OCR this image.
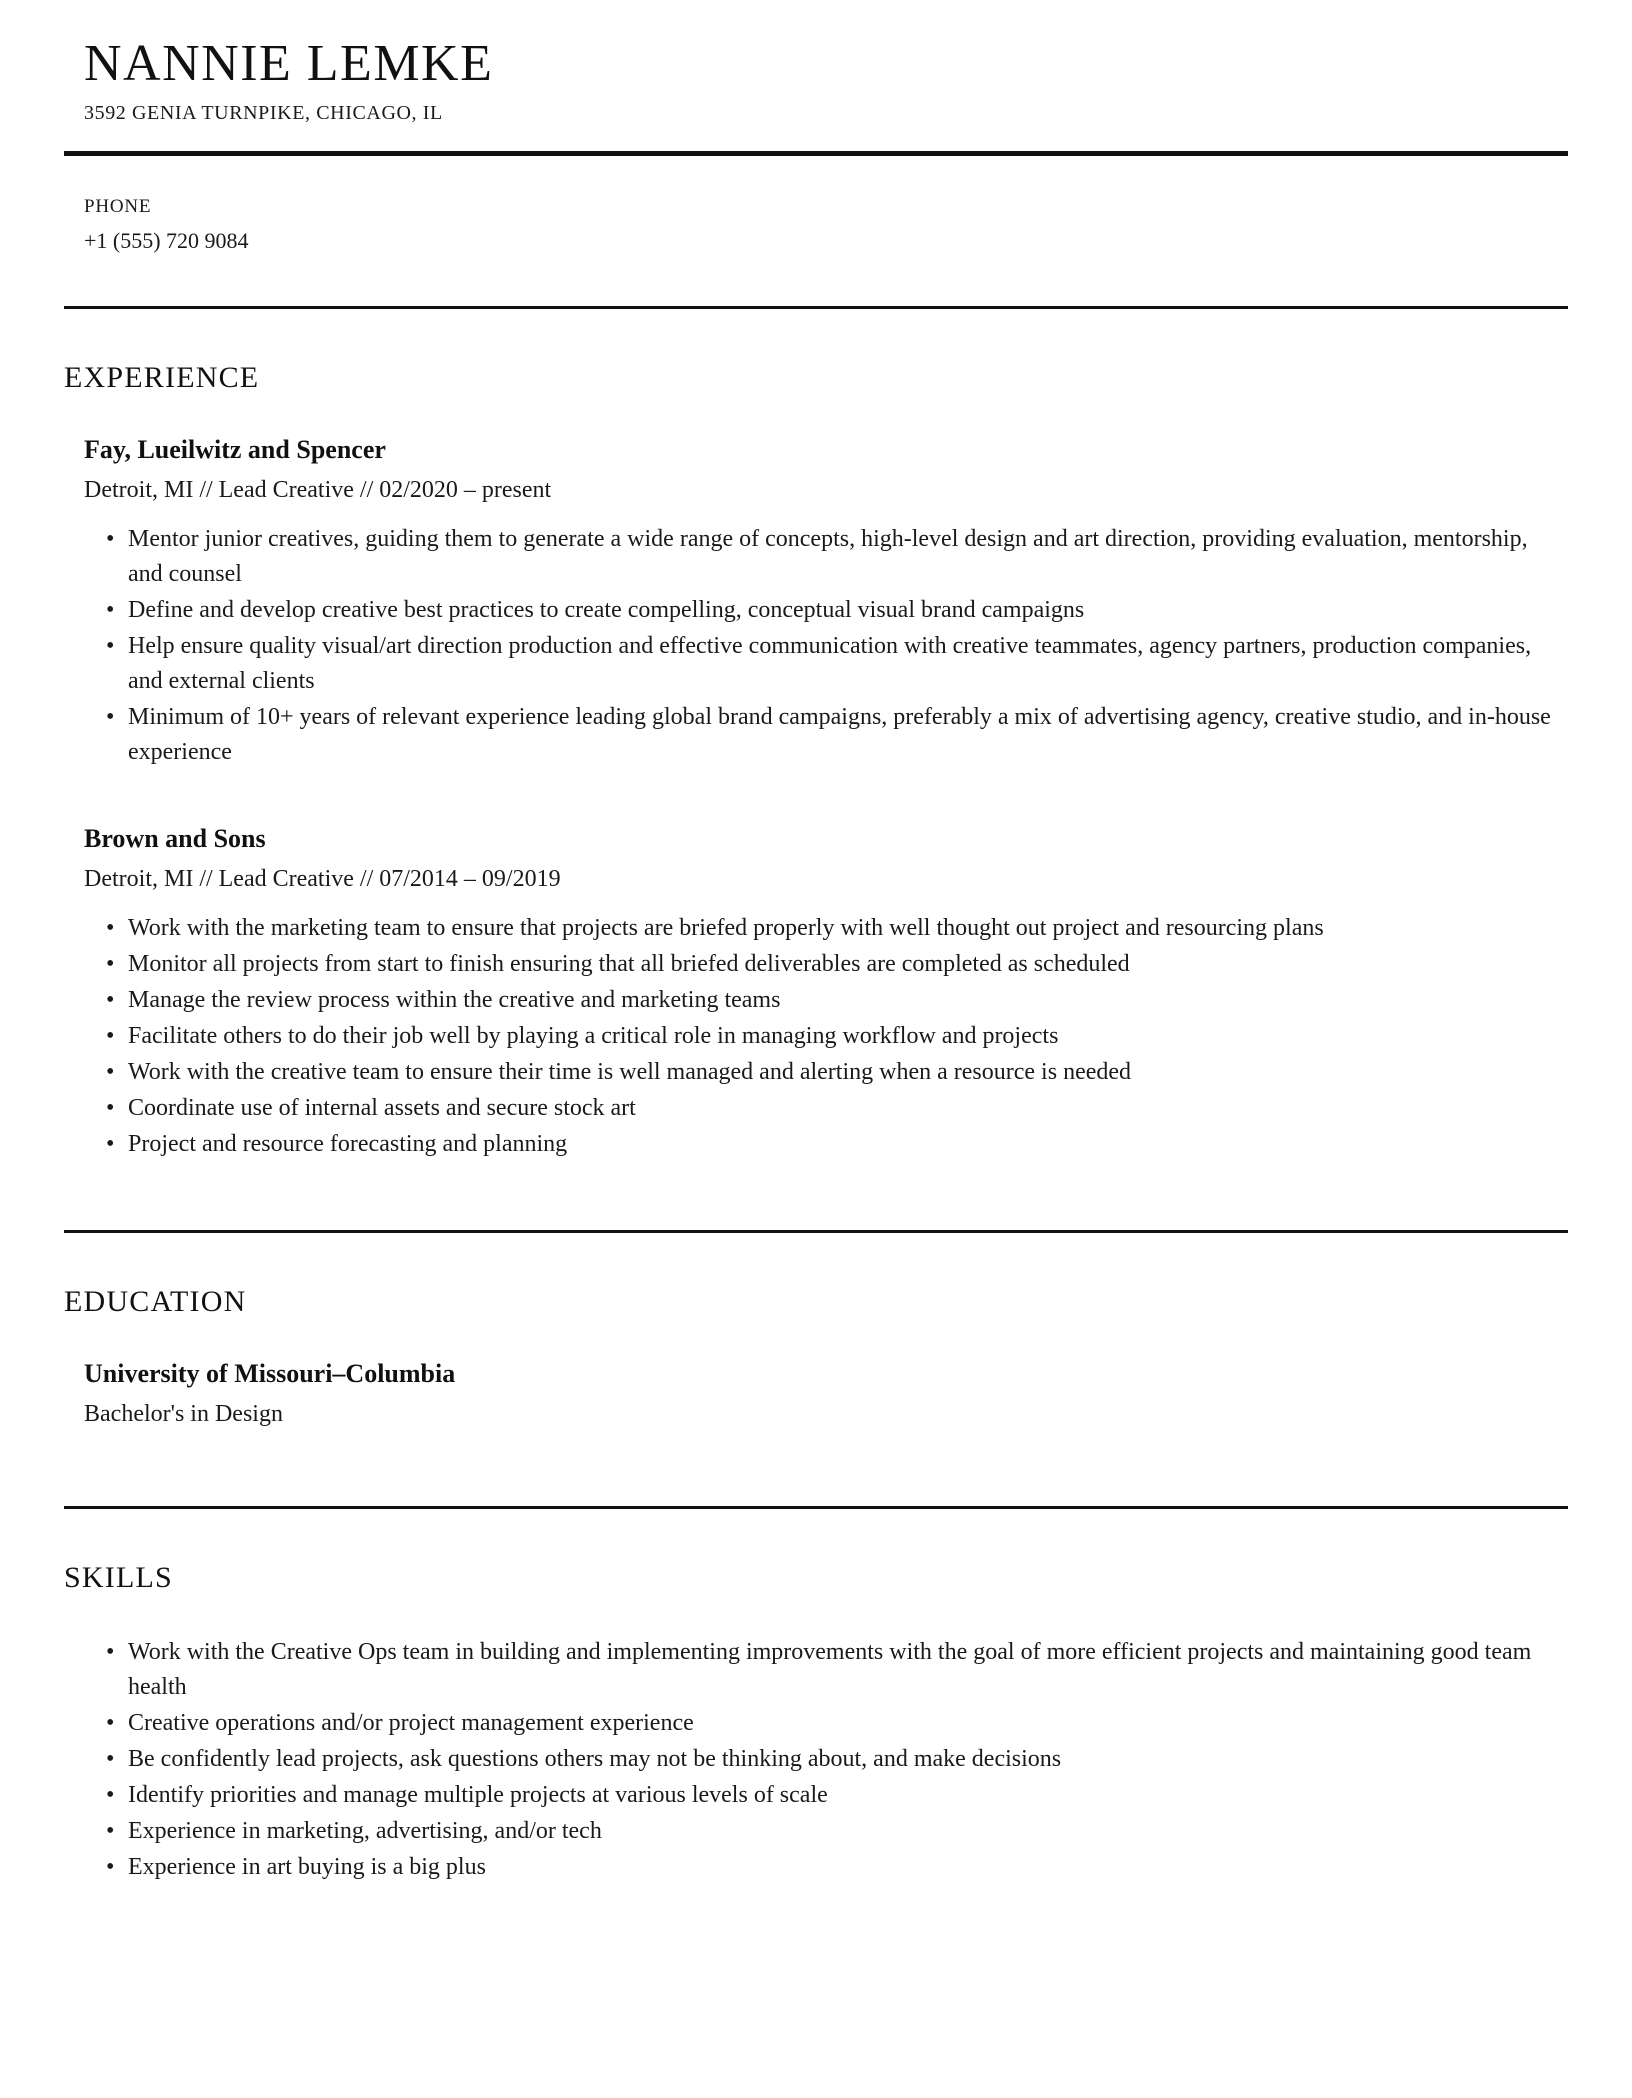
NANNIE LEMKE
3592 GENIA TURNPIKE, CHICAGO, IL
PHONE
+1 (555) 720 9084
EXPERIENCE
Fay, Lueilwitz and Spencer
Detroit, MI // Lead Creative // 02/2020 – present
• Mentor junior creatives, guiding them to generate a wide range of concepts, high-level design and art direction, providing evaluation, mentorship, and counsel
• Define and develop creative best practices to create compelling, conceptual visual brand campaigns
• Help ensure quality visual/art direction production and effective communication with creative teammates, agency partners, production companies, and external clients
• Minimum of 10+ years of relevant experience leading global brand campaigns, preferably a mix of advertising agency, creative studio, and in-house experience
Brown and Sons
Detroit, MI // Lead Creative // 07/2014 – 09/2019
• Work with the marketing team to ensure that projects are briefed properly with well thought out project and resourcing plans
• Monitor all projects from start to finish ensuring that all briefed deliverables are completed as scheduled
• Manage the review process within the creative and marketing teams
• Facilitate others to do their job well by playing a critical role in managing workflow and projects
• Work with the creative team to ensure their time is well managed and alerting when a resource is needed
• Coordinate use of internal assets and secure stock art
• Project and resource forecasting and planning
EDUCATION
University of Missouri–Columbia
Bachelor's in Design
SKILLS
• Work with the Creative Ops team in building and implementing improvements with the goal of more efficient projects and maintaining good team health
• Creative operations and/or project management experience
• Be confidently lead projects, ask questions others may not be thinking about, and make decisions
• Identify priorities and manage multiple projects at various levels of scale
• Experience in marketing, advertising, and/or tech
• Experience in art buying is a big plus
